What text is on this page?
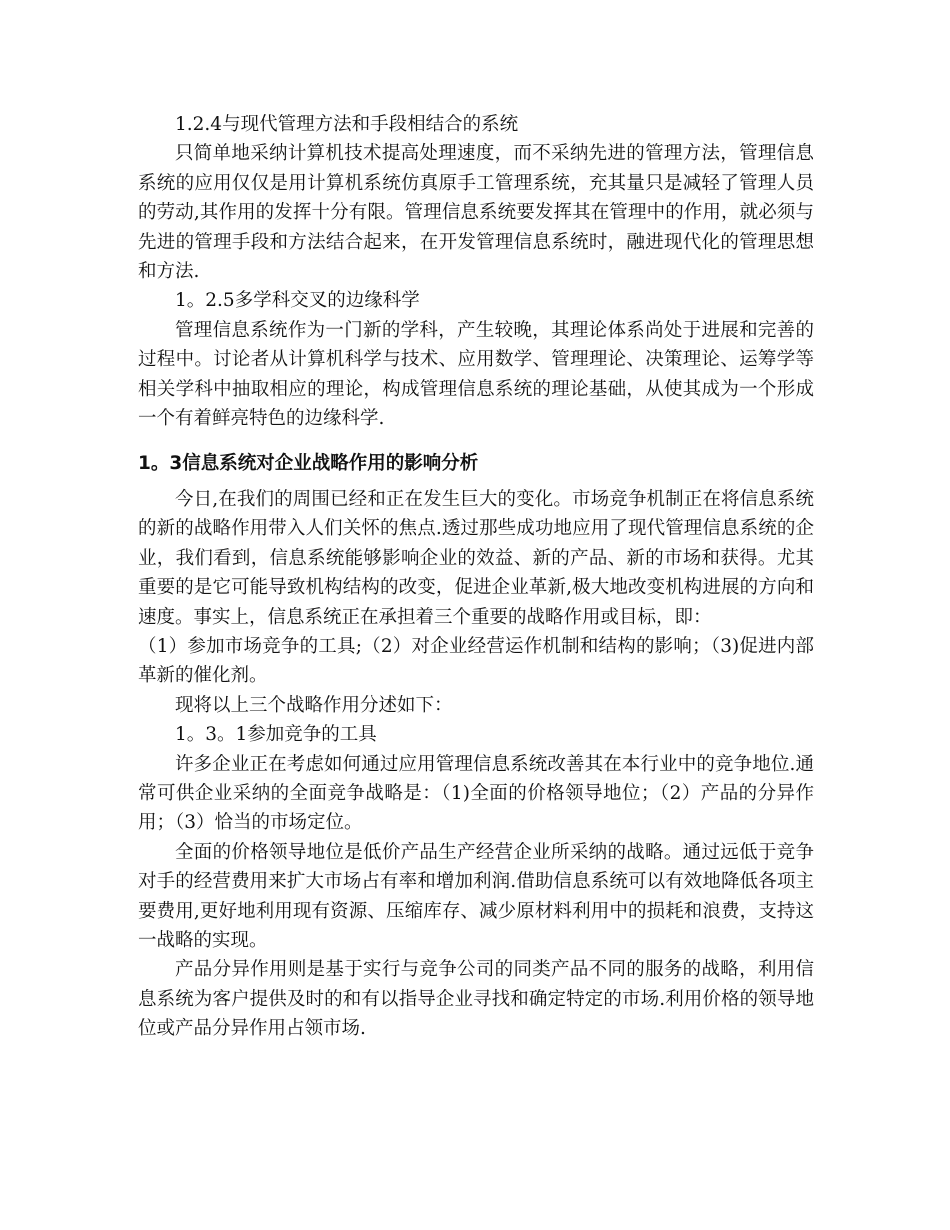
1.2.4与现代管理方法和手段相结合的系统

只简单地采纳计算机技术提高处理速度，而不采纳先进的管理方法，管理信息系统的应用仅仅是用计算机系统仿真原手工管理系统，充其量只是减轻了管理人员的劳动,其作用的发挥十分有限。管理信息系统要发挥其在管理中的作用，就必须与先进的管理手段和方法结合起来，在开发管理信息系统时，融进现代化的管理思想和方法.

1。2.5多学科交叉的边缘科学

管理信息系统作为一门新的学科，产生较晚，其理论体系尚处于进展和完善的过程中。讨论者从计算机科学与技术、应用数学、管理理论、决策理论、运筹学等相关学科中抽取相应的理论，构成管理信息系统的理论基础，从使其成为一个形成一个有着鲜亮特色的边缘科学.

1。3信息系统对企业战略作用的影响分析

今日,在我们的周围已经和正在发生巨大的变化。市场竞争机制正在将信息系统的新的战略作用带入人们关怀的焦点.透过那些成功地应用了现代管理信息系统的企业，我们看到，信息系统能够影响企业的效益、新的产品、新的市场和获得。尤其重要的是它可能导致机构结构的改变，促进企业革新,极大地改变机构进展的方向和速度。事实上，信息系统正在承担着三个重要的战略作用或目标，即：

（1）参加市场竞争的工具;（2）对企业经营运作机制和结构的影响；（3)促进内部革新的催化剂。

现将以上三个战略作用分述如下：

1。3。1参加竞争的工具

许多企业正在考虑如何通过应用管理信息系统改善其在本行业中的竞争地位.通常可供企业采纳的全面竞争战略是：（1)全面的价格领导地位；（2）产品的分异作用；（3）恰当的市场定位。

全面的价格领导地位是低价产品生产经营企业所采纳的战略。通过远低于竞争对手的经营费用来扩大市场占有率和增加利润.借助信息系统可以有效地降低各项主要费用,更好地利用现有资源、压缩库存、减少原材料利用中的损耗和浪费，支持这一战略的实现。

产品分异作用则是基于实行与竞争公司的同类产品不同的服务的战略，利用信息系统为客户提供及时的和有以指导企业寻找和确定特定的市场.利用价格的领导地位或产品分异作用占领市场.
